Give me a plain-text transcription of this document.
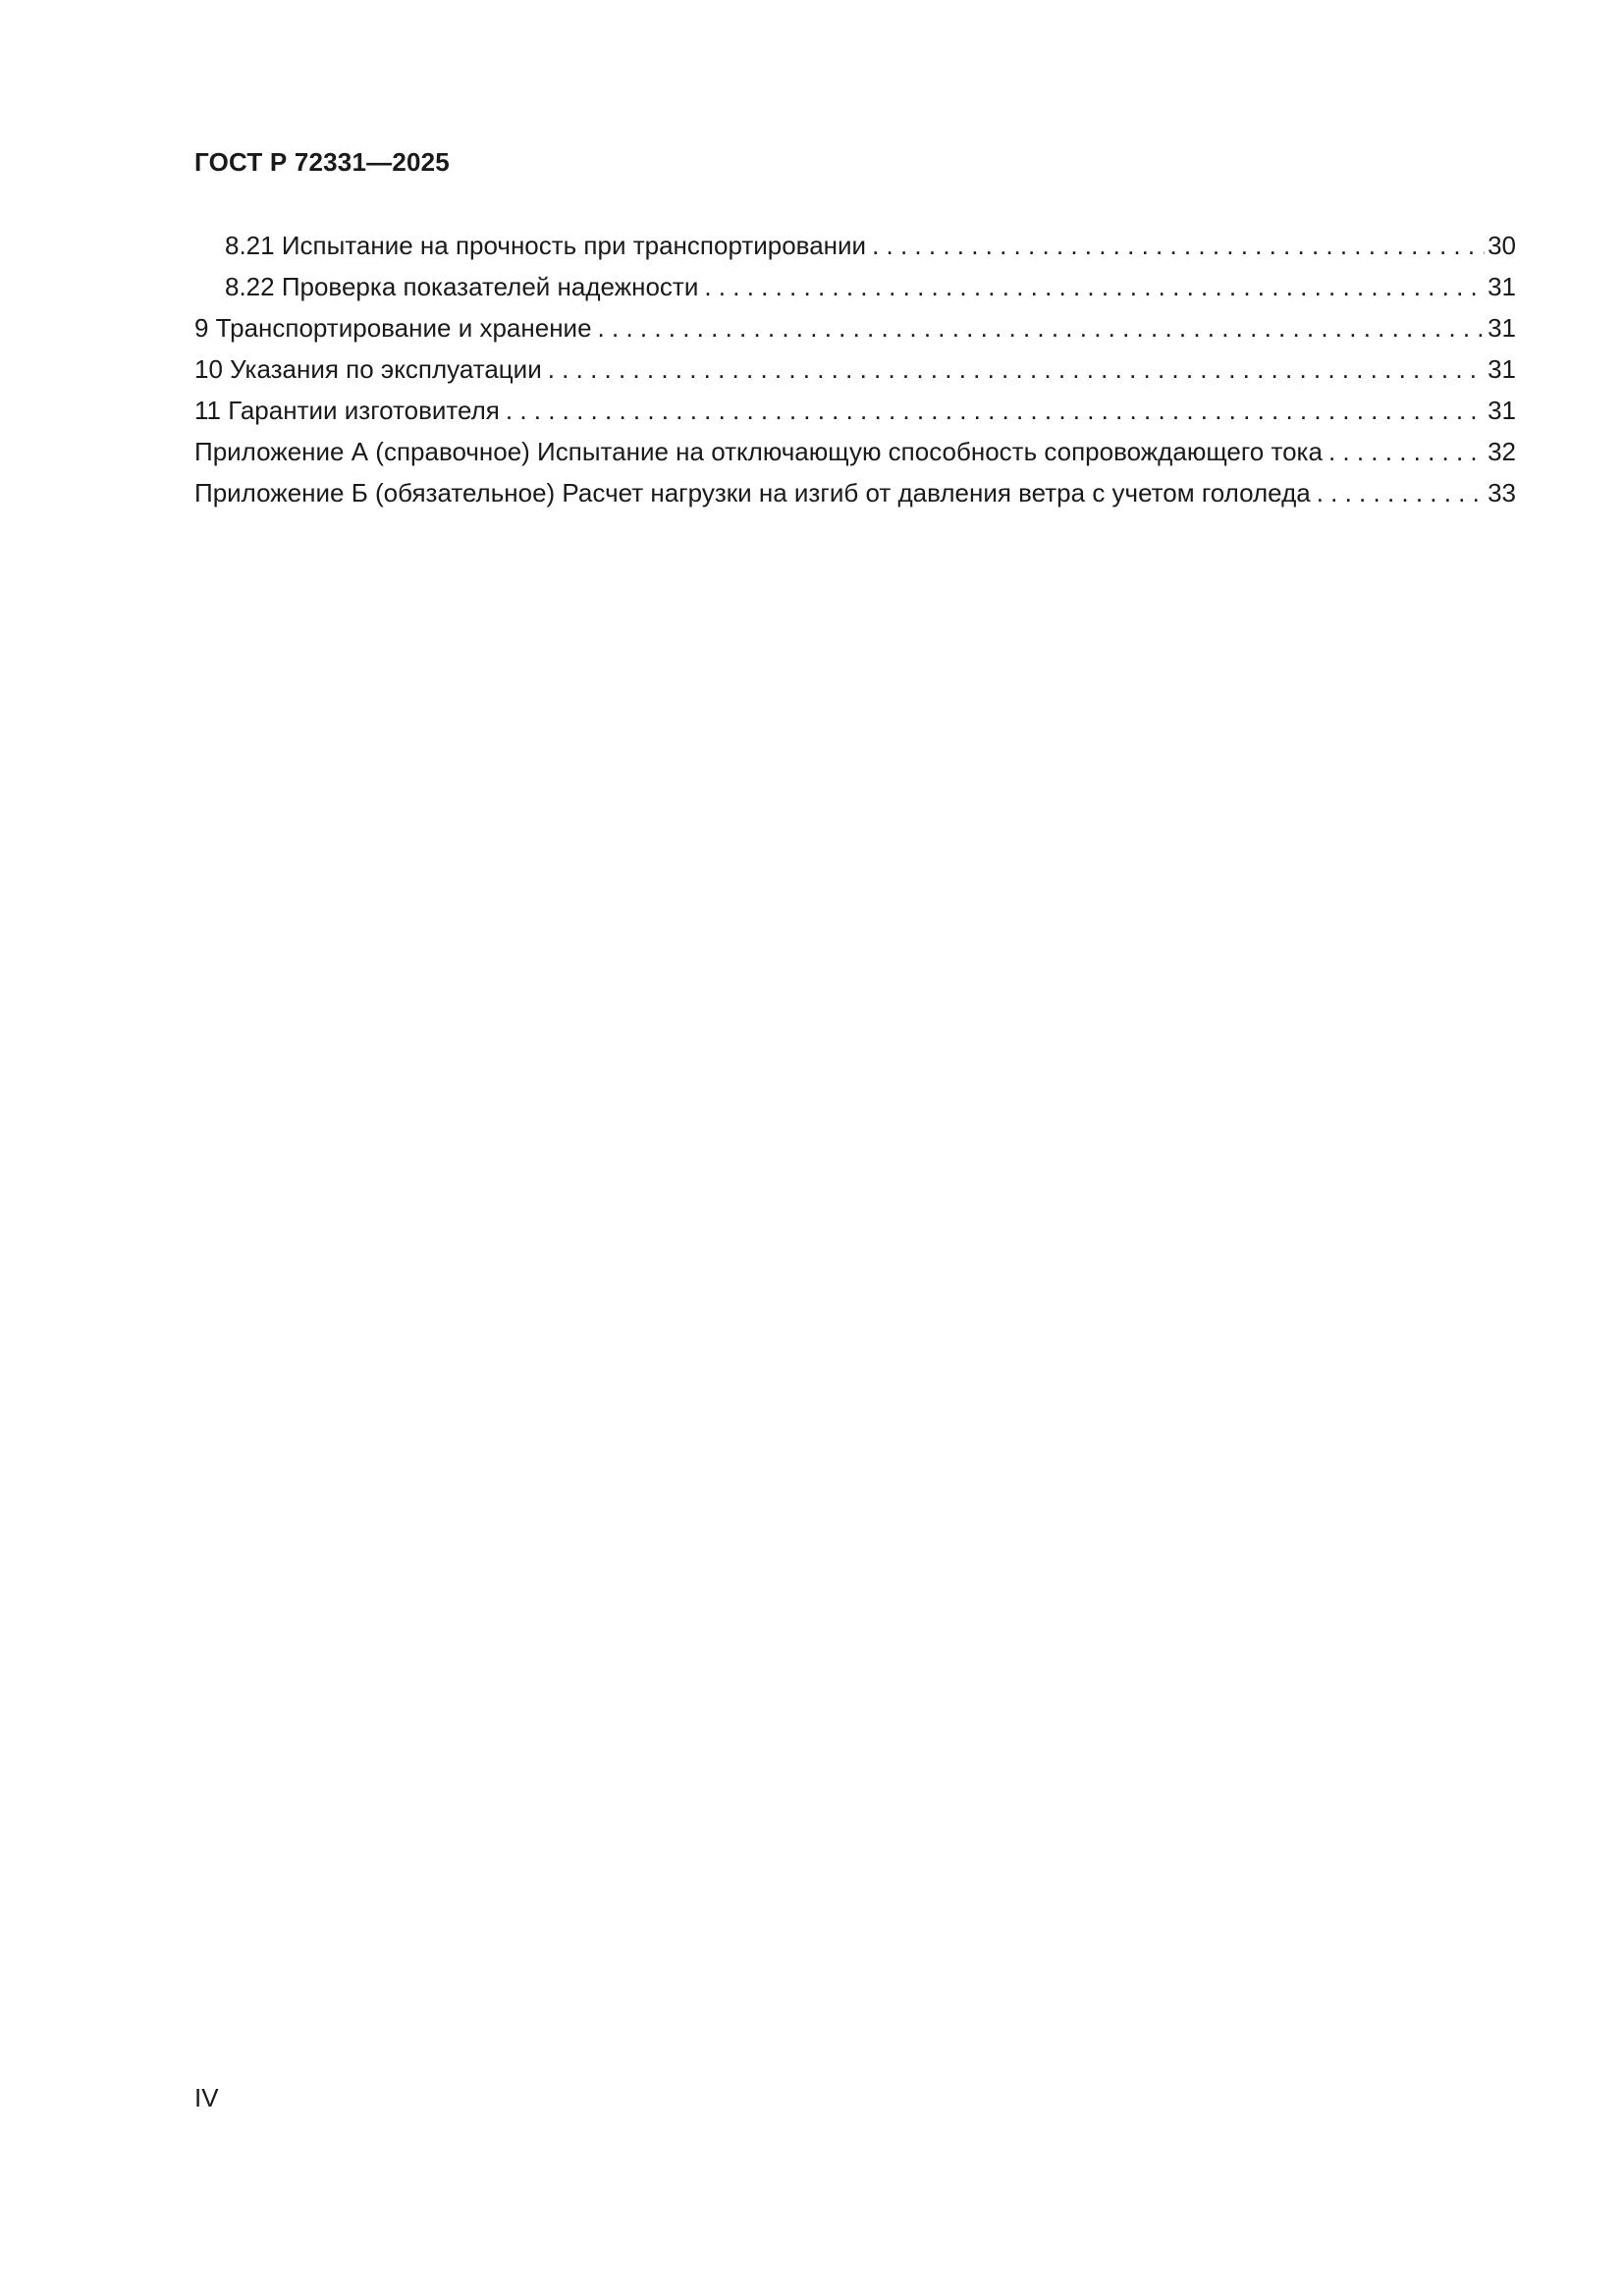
ГОСТ Р 72331—2025
8.21 Испытание на прочность при транспортировании . . .	30
8.22 Проверка показателей надежности . . .	31
9 Транспортирование и хранение . . .	31
10 Указания по эксплуатации . . .	31
11 Гарантии изготовителя . . .	31
Приложение А (справочное) Испытание на отключающую способность сопровождающего тока . . .	32
Приложение Б (обязательное) Расчет нагрузки на изгиб от давления ветра с учетом гололеда . . .	33
IV
